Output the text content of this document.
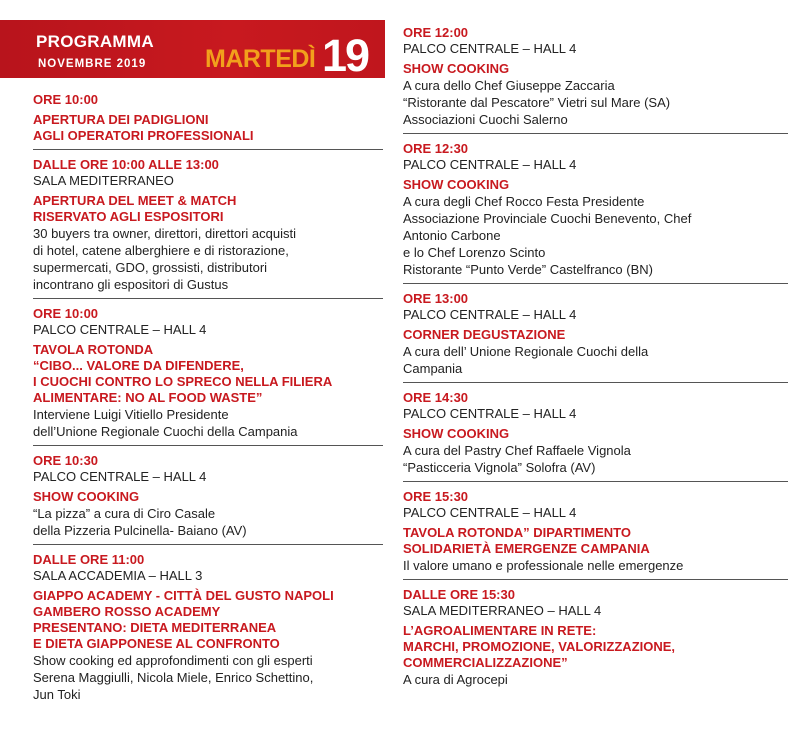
PROGRAMMA
NOVEMBRE 2019 MARTEDÌ 19
ORE 10:00
APERTURA DEI PADIGLIONI
AGLI OPERATORI PROFESSIONALI
DALLE ORE 10:00 ALLE 13:00
SALA MEDITERRANEO
APERTURA DEL MEET & MATCH
RISERVATO AGLI ESPOSITORI
30 buyers tra owner, direttori, direttori acquisti
di hotel, catene alberghiere e di ristorazione,
supermercati, GDO, grossisti, distributori
incontrano gli espositori di Gustus
ORE 10:00
PALCO CENTRALE – HALL 4
TAVOLA ROTONDA
“CIBO... VALORE DA DIFENDERE,
I CUOCHI CONTRO LO SPRECO NELLA FILIERA
ALIMENTARE: NO AL FOOD WASTE”
Interviene Luigi Vitiello Presidente
dell’Unione Regionale Cuochi della Campania
ORE 10:30
PALCO CENTRALE – HALL 4
SHOW COOKING
“La pizza” a cura di Ciro Casale
della Pizzeria Pulcinella- Baiano (AV)
DALLE ORE 11:00
SALA ACCADEMIA – HALL 3
GIAPPO ACADEMY - CITTÀ DEL GUSTO NAPOLI
GAMBERO ROSSO ACADEMY
PRESENTANO: DIETA MEDITERRANEA
E DIETA GIAPPONESE AL CONFRONTO
Show cooking ed approfondimenti con gli esperti
Serena Maggiulli, Nicola Miele, Enrico Schettino,
Jun Toki
ORE 12:00
PALCO CENTRALE – HALL 4
SHOW COOKING
A cura dello Chef Giuseppe Zaccaria
“Ristorante dal Pescatore” Vietri sul Mare (SA)
Associazioni Cuochi Salerno
ORE 12:30
PALCO CENTRALE – HALL 4
SHOW COOKING
A cura degli Chef Rocco Festa Presidente
Associazione Provinciale Cuochi Benevento, Chef
Antonio Carbone
e lo Chef Lorenzo Scinto
Ristorante “Punto Verde” Castelfranco (BN)
ORE 13:00
PALCO CENTRALE – HALL 4
CORNER DEGUSTAZIONE
A cura dell’ Unione Regionale Cuochi della
Campania
ORE 14:30
PALCO CENTRALE – HALL 4
SHOW COOKING
A cura del Pastry Chef Raffaele Vignola
“Pasticceria Vignola” Solofra (AV)
ORE 15:30
PALCO CENTRALE – HALL 4
TAVOLA ROTONDA” DIPARTIMENTO
SOLIDARIETÀ EMERGENZE CAMPANIA
Il valore umano e professionale nelle emergenze
DALLE ORE 15:30
SALA MEDITERRANEO – HALL 4
L’AGROALIMENTARE IN RETE:
MARCHI, PROMOZIONE, VALORIZZAZIONE,
COMMERCIALIZZAZIONE”
A cura di Agrocepi
